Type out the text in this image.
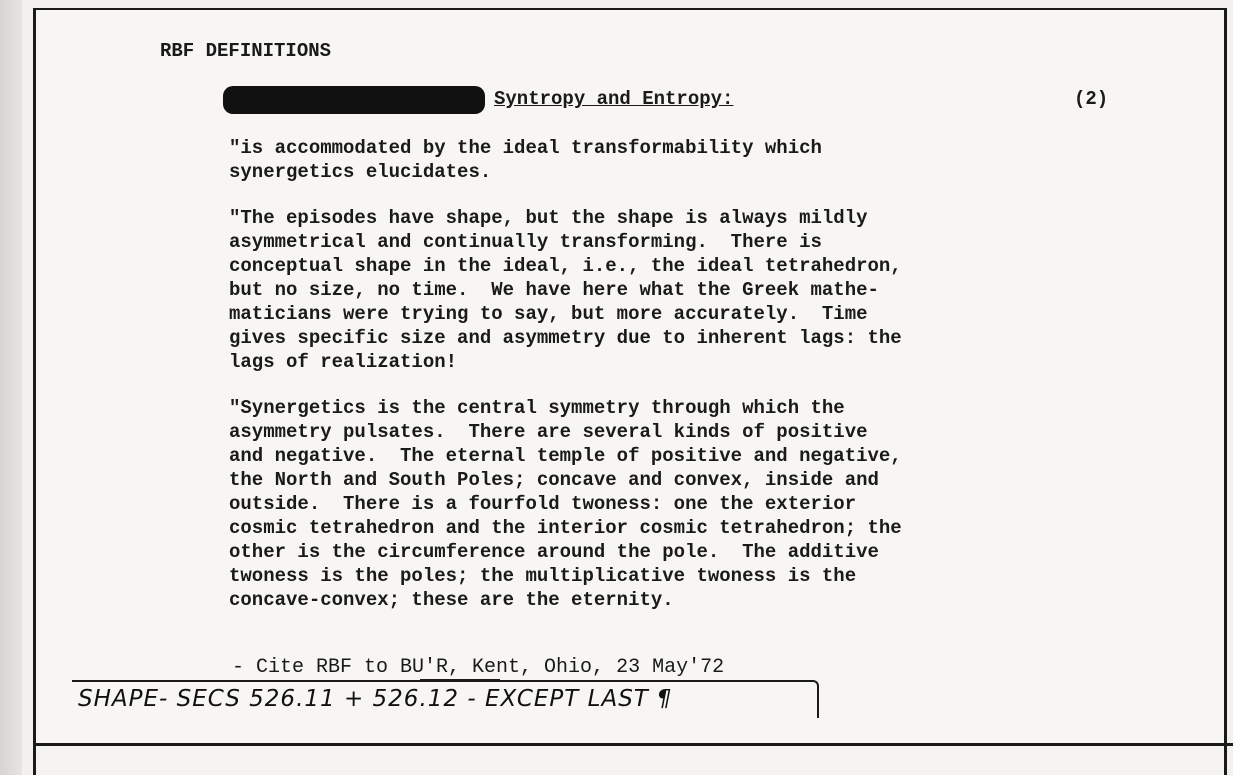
RBF DEFINITIONS
Syntropy and Entropy:	(2)
"is accommodated by the ideal transformability which
synergetics elucidates.
"The episodes have shape, but the shape is always mildly
asymmetrical and continually transforming.  There is
conceptual shape in the ideal, i.e., the ideal tetrahedron,
but no size, no time.  We have here what the Greek mathe-
maticians were trying to say, but more accurately.  Time
gives specific size and asymmetry due to inherent lags: the
lags of realization!
"Synergetics is the central symmetry through which the
asymmetry pulsates.  There are several kinds of positive
and negative.  The eternal temple of positive and negative,
the North and South Poles; concave and convex, inside and
outside.  There is a fourfold twoness: one the exterior
cosmic tetrahedron and the interior cosmic tetrahedron; the
other is the circumference around the pole.  The additive
twoness is the poles; the multiplicative twoness is the
concave-convex; these are the eternity.
- Cite RBF to BU'R, Kent, Ohio, 23 May'72
SHAPE- SECS 526.11 + 526.12 - EXCEPT LAST ¶
